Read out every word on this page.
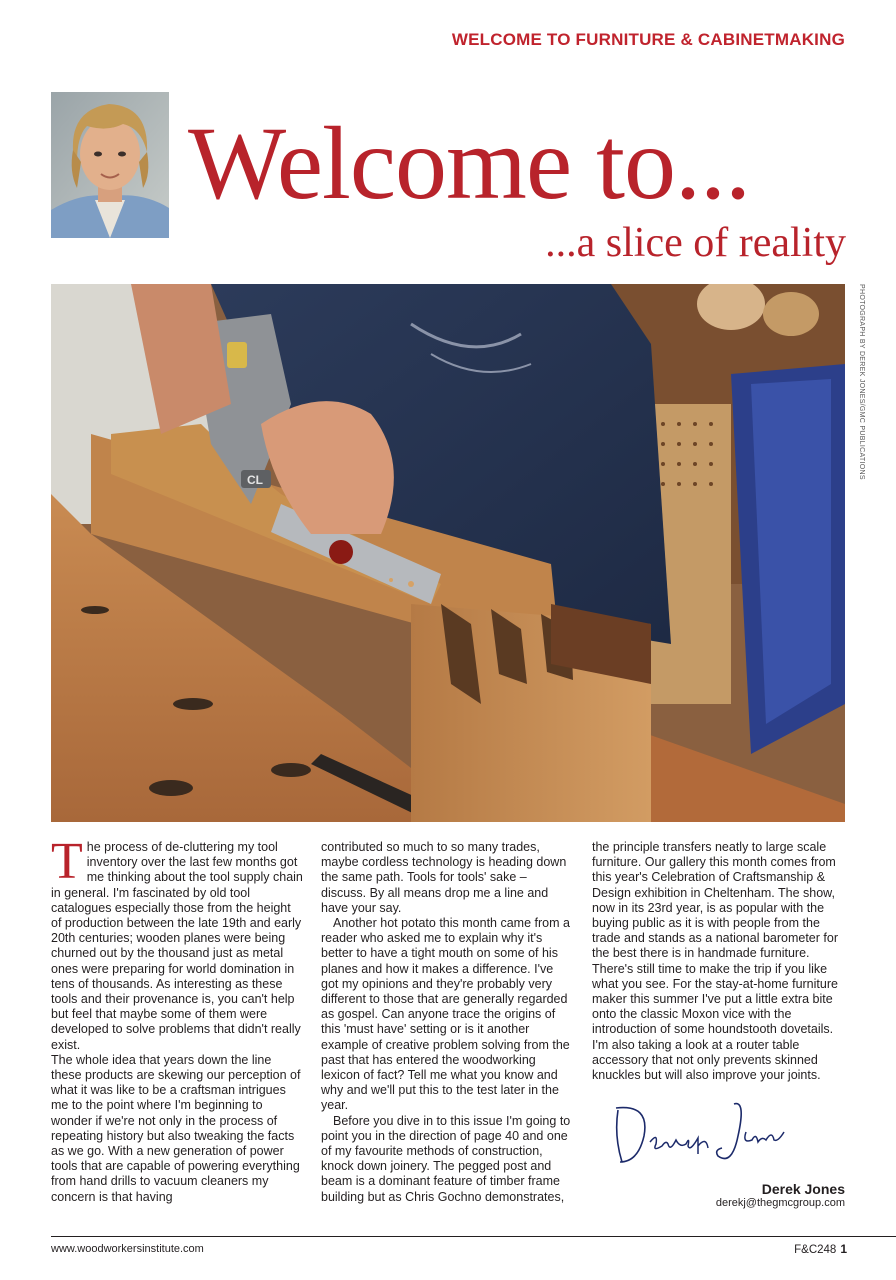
WELCOME TO FURNITURE & CABINETMAKING
Welcome to...
...a slice of reality
CL
PHOTOGRAPH BY DEREK JONES/GMC PUBLICATIONS
T he process of de-cluttering my tool inventory over the last few months got me thinking about the tool supply chain in general. I'm fascinated by old tool catalogues especially those from the height of production between the late 19th and early 20th centuries; wooden planes were being churned out by the thousand just as metal ones were preparing for world domination in tens of thousands. As interesting as these tools and their provenance is, you can't help but feel that maybe some of them were developed to solve problems that didn't really exist.

The whole idea that years down the line these products are skewing our perception of what it was like to be a craftsman intrigues me to the point where I'm beginning to wonder if we're not only in the process of repeating history but also tweaking the facts as we go. With a new generation of power tools that are capable of powering everything from hand drills to vacuum cleaners my concern is that having

contributed so much to so many trades, maybe cordless technology is heading down the same path. Tools for tools' sake – discuss. By all means drop me a line and have your say.

Another hot potato this month came from a reader who asked me to explain why it's better to have a tight mouth on some of his planes and how it makes a difference. I've got my opinions and they're probably very different to those that are generally regarded as gospel. Can anyone trace the origins of this 'must have' setting or is it another example of creative problem solving from the past that has entered the woodworking lexicon of fact? Tell me what you know and why and we'll put this to the test later in the year.

Before you dive in to this issue I'm going to point you in the direction of page 40 and one of my favourite methods of construction, knock down joinery. The pegged post and beam is a dominant feature of timber frame building but as Chris Gochno demonstrates,

the principle transfers neatly to large scale furniture. Our gallery this month comes from this year's Celebration of Craftsmanship & Design exhibition in Cheltenham. The show, now in its 23rd year, is as popular with the buying public as it is with people from the trade and stands as a national barometer for the best there is in handmade furniture. There's still time to make the trip if you like what you see. For the stay-at-home furniture maker this summer I've put a little extra bite onto the classic Moxon vice with the introduction of some houndstooth dovetails. I'm also taking a look at a router table accessory that not only prevents skinned knuckles but will also improve your joints.

Derek Jones
derekj@thegmcgroup.com
www.woodworkersinstitute.com	F&C248 1
